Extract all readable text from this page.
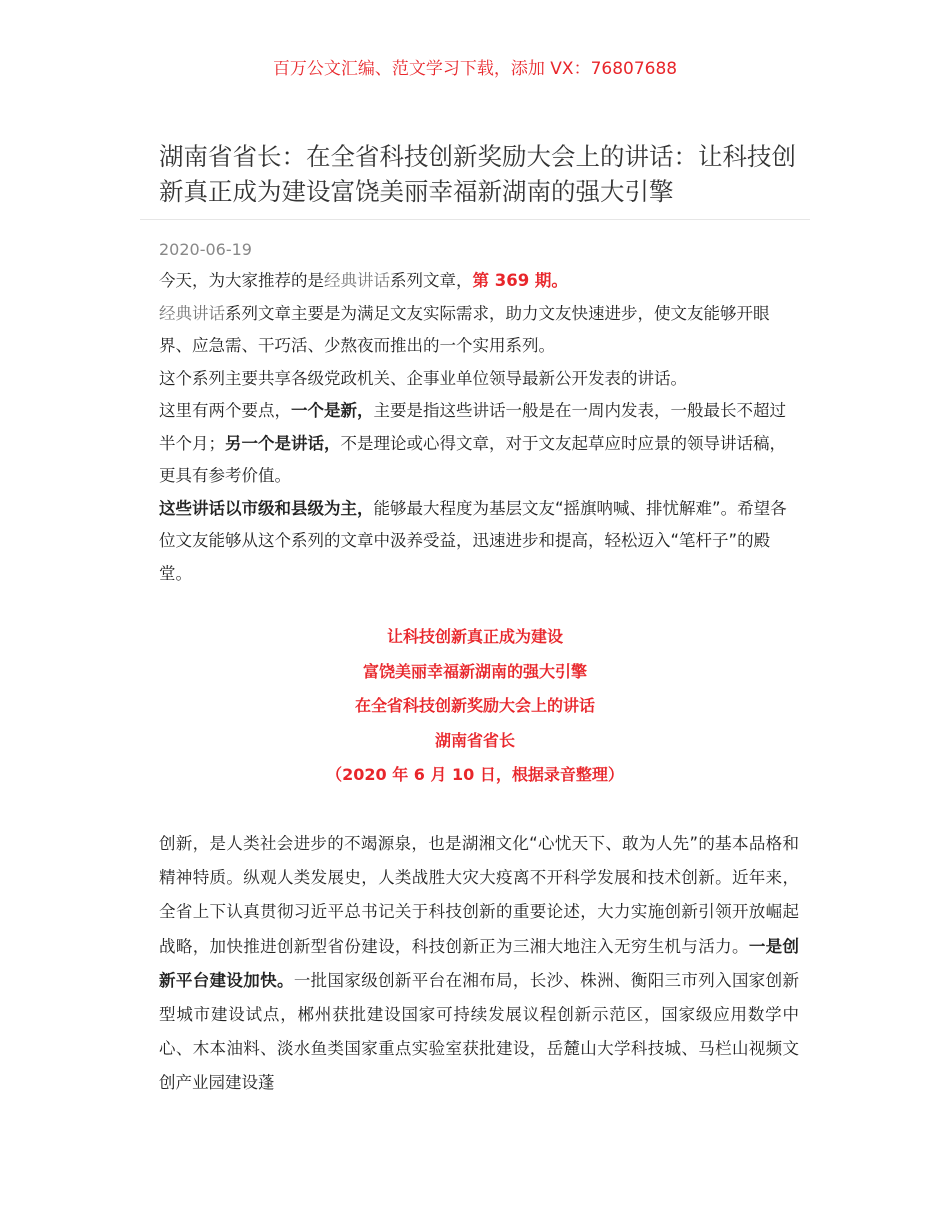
百万公文汇编、范文学习下载，添加 VX：76807688
湖南省省长：在全省科技创新奖励大会上的讲话：让科技创新真正成为建设富饶美丽幸福新湖南的强大引擎
2020-06-19

今天，为大家推荐的是经典讲话系列文章，第 369 期。

经典讲话系列文章主要是为满足文友实际需求，助力文友快速进步，使文友能够开眼界、应急需、干巧活、少熬夜而推出的一个实用系列。

这个系列主要共享各级党政机关、企事业单位领导最新公开发表的讲话。

这里有两个要点，一个是新，主要是指这些讲话一般是在一周内发表，一般最长不超过半个月；另一个是讲话，不是理论或心得文章，对于文友起草应时应景的领导讲话稿，更具有参考价值。

这些讲话以市级和县级为主，能够最大程度为基层文友“摇旗呐喊、排忧解难”。希望各位文友能够从这个系列的文章中汲养受益，迅速进步和提高，轻松迈入“笔杆子”的殿堂。

让科技创新真正成为建设
富饶美丽幸福新湖南的强大引擎
在全省科技创新奖励大会上的讲话
湖南省省长
（2020 年 6 月 10 日，根据录音整理）
创新，是人类社会进步的不竭源泉，也是湖湘文化“心忧天下、敢为人先”的基本品格和精神特质。纵观人类发展史，人类战胜大灾大疫离不开科学发展和技术创新。近年来，全省上下认真贯彻习近平总书记关于科技创新的重要论述，大力实施创新引领开放崛起战略，加快推进创新型省份建设，科技创新正为三湘大地注入无穷生机与活力。一是创新平台建设加快。一批国家级创新平台在湘布局，长沙、株洲、衡阳三市列入国家创新型城市建设试点，郴州获批建设国家可持续发展议程创新示范区，国家级应用数学中心、木本油料、淡水鱼类国家重点实验室获批建设，岳麓山大学科技城、马栏山视频文创产业园建设蓬
